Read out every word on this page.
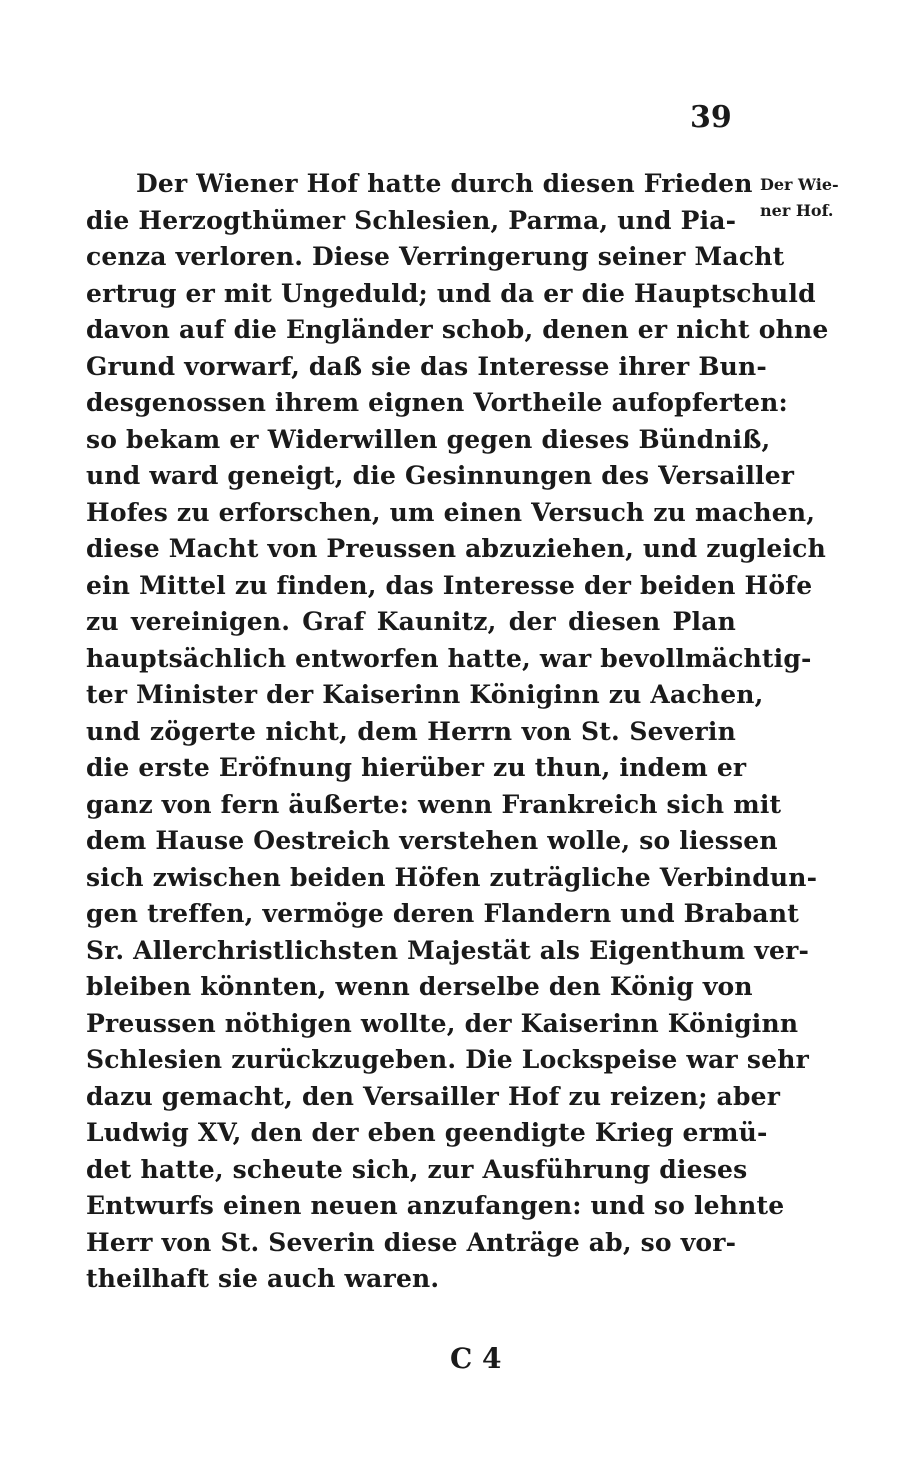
39
Der Wie-
ner Hof.
Der Wiener Hof hatte durch diesen Frieden
die Herzogthümer Schlesien, Parma, und Pia-
cenza verloren. Diese Verringerung seiner Macht
ertrug er mit Ungeduld; und da er die Hauptschuld
davon auf die Engländer schob, denen er nicht ohne
Grund vorwarf, daß sie das Interesse ihrer Bun-
desgenossen ihrem eignen Vortheile aufopferten:
so bekam er Widerwillen gegen dieses Bündniß,
und ward geneigt, die Gesinnungen des Versailler
Hofes zu erforschen, um einen Versuch zu machen,
diese Macht von Preussen abzuziehen, und zugleich
ein Mittel zu finden, das Interesse der beiden Höfe
zu vereinigen. Graf Kaunitz, der diesen Plan
hauptsächlich entworfen hatte, war bevollmächtig-
ter Minister der Kaiserinn Königinn zu Aachen,
und zögerte nicht, dem Herrn von St. Severin
die erste Eröfnung hierüber zu thun, indem er
ganz von fern äußerte: wenn Frankreich sich mit
dem Hause Oestreich verstehen wolle, so liessen
sich zwischen beiden Höfen zuträgliche Verbindun-
gen treffen, vermöge deren Flandern und Brabant
Sr. Allerchristlichsten Majestät als Eigenthum ver-
bleiben könnten, wenn derselbe den König von
Preussen nöthigen wollte, der Kaiserinn Königinn
Schlesien zurückzugeben. Die Lockspeise war sehr
dazu gemacht, den Versailler Hof zu reizen; aber
Ludwig XV, den der eben geendigte Krieg ermü-
det hatte, scheute sich, zur Ausführung dieses
Entwurfs einen neuen anzufangen: und so lehnte
Herr von St. Severin diese Anträge ab, so vor-
theilhaft sie auch waren.
C 4
